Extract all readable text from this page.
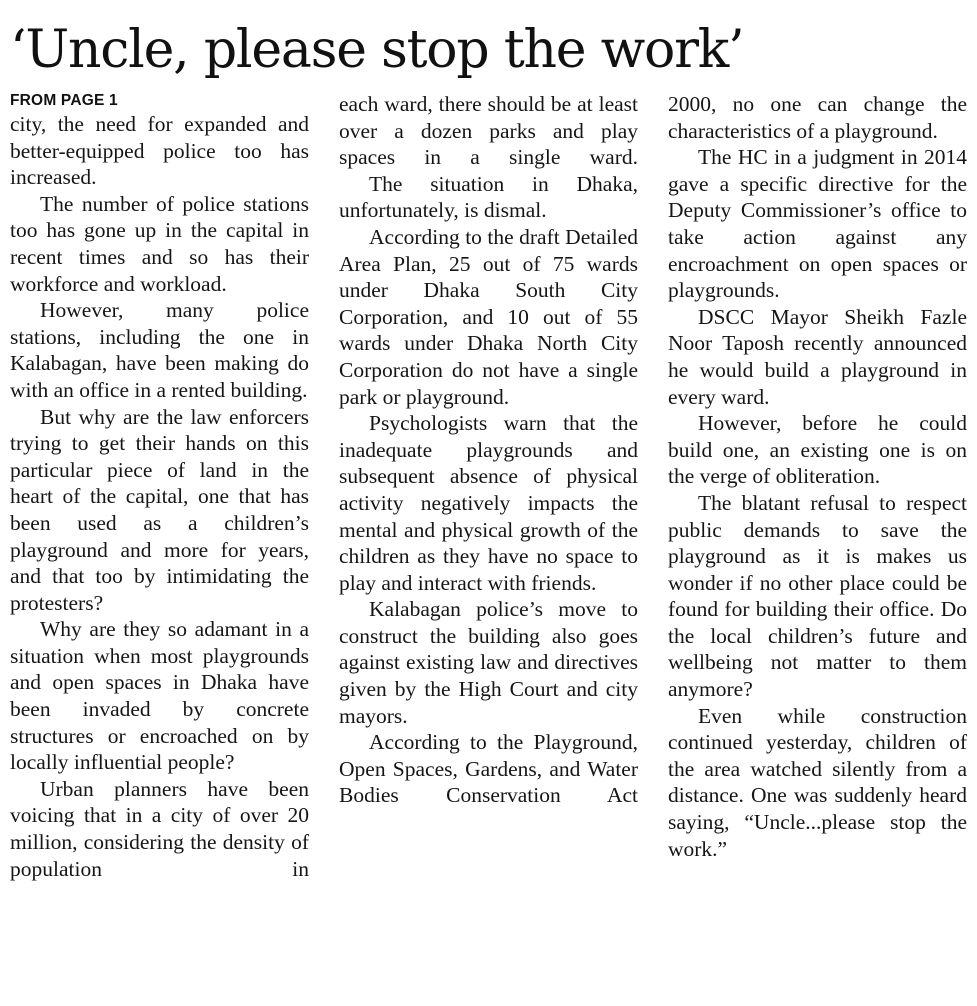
‘Uncle, please stop the work’
FROM PAGE 1

city, the need for expanded and better-equipped police too has increased.

The number of police stations too has gone up in the capital in recent times and so has their workforce and workload.

However, many police stations, including the one in Kalabagan, have been making do with an office in a rented building.

But why are the law enforcers trying to get their hands on this particular piece of land in the heart of the capital, one that has been used as a children’s playground and more for years, and that too by intimidating the protesters?

Why are they so adamant in a situation when most playgrounds and open spaces in Dhaka have been invaded by concrete structures or encroached on by locally influential people?

Urban planners have been voicing that in a city of over 20 million, considering the density of population in

each ward, there should be at least over a dozen parks and play spaces in a single ward.

The situation in Dhaka, unfortunately, is dismal.

According to the draft Detailed Area Plan, 25 out of 75 wards under Dhaka South City Corporation, and 10 out of 55 wards under Dhaka North City Corporation do not have a single park or playground.

Psychologists warn that the inadequate playgrounds and subsequent absence of physical activity negatively impacts the mental and physical growth of the children as they have no space to play and interact with friends.

Kalabagan police’s move to construct the building also goes against existing law and directives given by the High Court and city mayors.

According to the Playground, Open Spaces, Gardens, and Water Bodies Conservation Act

2000, no one can change the characteristics of a playground.

The HC in a judgment in 2014 gave a specific directive for the Deputy Commissioner’s office to take action against any encroachment on open spaces or playgrounds.

DSCC Mayor Sheikh Fazle Noor Taposh recently announced he would build a playground in every ward.

However, before he could build one, an existing one is on the verge of obliteration.

The blatant refusal to respect public demands to save the playground as it is makes us wonder if no other place could be found for building their office. Do the local children’s future and wellbeing not matter to them anymore?

Even while construction continued yesterday, children of the area watched silently from a distance. One was suddenly heard saying, “Uncle...please stop the work.”
